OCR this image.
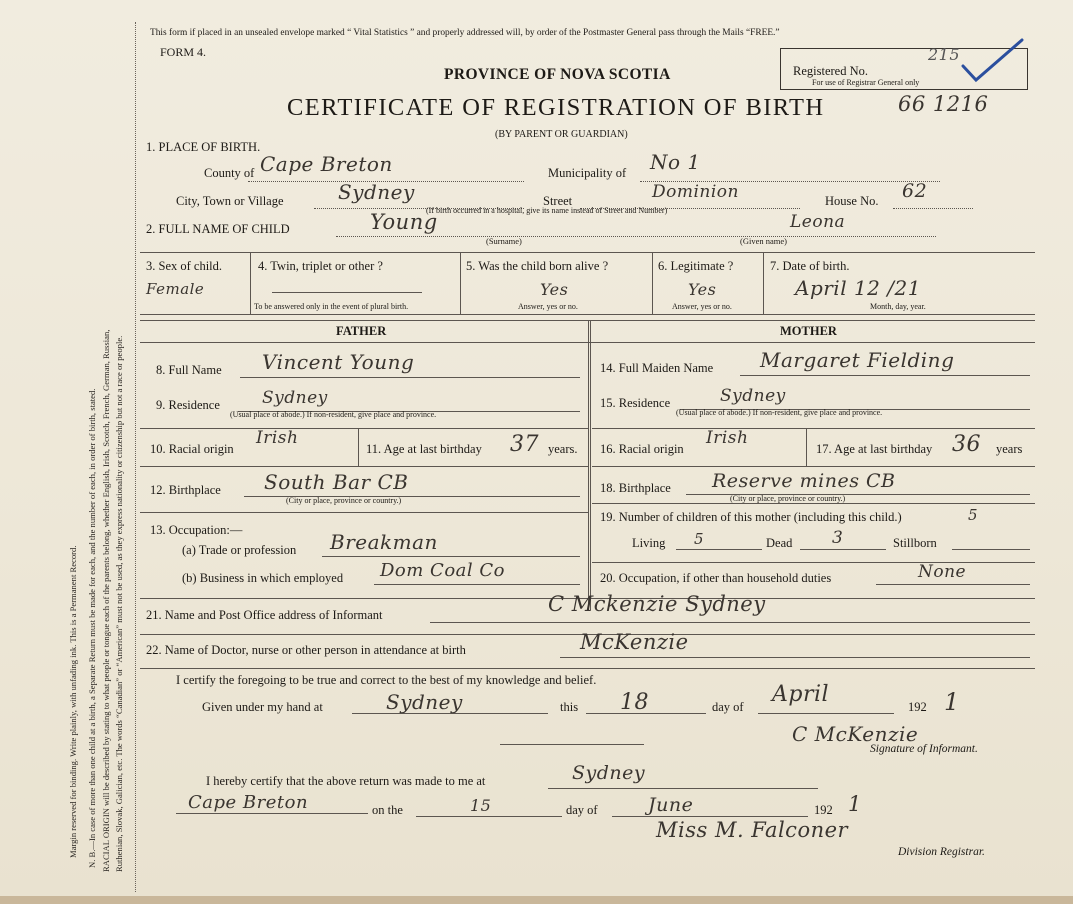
Margin reserved for binding. Write plainly, with unfading ink. This is a Permanent Record. N. B.—In case of more than one child at a birth, a Separate Return must be made for each, and the number of each, in order of birth, stated. RACIAL ORIGIN will be described by stating to what people or tongue each of the parents belong, whether English, Irish, Scotch, French, German, Russian, Ruthenian, Slovak, Galician, etc. The words “Canadian” or “American” must not be used, as they express nationality or citizenship but not a race or people.
This form if placed in an unsealed envelope marked “ Vital Statistics ” and properly addressed will, by order of the Postmaster General pass through the Mails “FREE.”
FORM 4.
Registered No.
215
For use of Registrar General only
PROVINCE OF NOVA SCOTIA
CERTIFICATE OF REGISTRATION OF BIRTH	66 1216
(BY PARENT OR GUARDIAN)
1. PLACE OF BIRTH.
County of Cape Breton	Municipality of No 1
City, Town or Village	Sydney	Street	Dominion	House No. 62
(If birth occurred in a hospital, give its name instead of Street and Number)
2. FULL NAME OF CHILD	Young	Leona
(Surname)	(Given name)
3. Sex of child.
Female
4. Twin, triplet or other ?
To be answered only in the event of plural birth.
5. Was the child born alive ?
Yes
Answer, yes or no.
6. Legitimate ?
Yes
Answer, yes or no.
7. Date of birth.
April 12 /21
Month, day, year.
FATHER	MOTHER
8. Full Name Vincent Young
9. Residence Sydney
(Usual place of abode.) If non-resident, give place and province.
10. Racial origin
Irish
11. Age at last birthday 37 years.
12. Birthplace South Bar CB
(City or place, province or country.)
13. Occupation:—
(a) Trade or profession Breakman
(b) Business in which employed Dom Coal Co
14. Full Maiden Name Margaret Fielding
15. Residence	Sydney
(Usual place of abode.) If non-resident, give place and province.
16. Racial origin
Irish
17. Age at last birthday 36 years
18. Birthplace Reserve mines CB
(City or place, province or country.)
19. Number of children of this mother (including this child.)	5
Living 5	Dead 3	Stillborn
20. Occupation, if other than household duties	None
21. Name and Post Office address of Informant	C Mckenzie Sydney
22. Name of Doctor, nurse or other person in attendance at birth	McKenzie
I certify the foregoing to be true and correct to the best of my knowledge and belief.
Given under my hand at	Sydney	this 18	day of April	192 1
C McKenzie
Signature of Informant.
I hereby certify that the above return was made to me at	Sydney
Cape Breton	on the	15	day of	June	192 1
Miss M. Falconer
Division Registrar.
